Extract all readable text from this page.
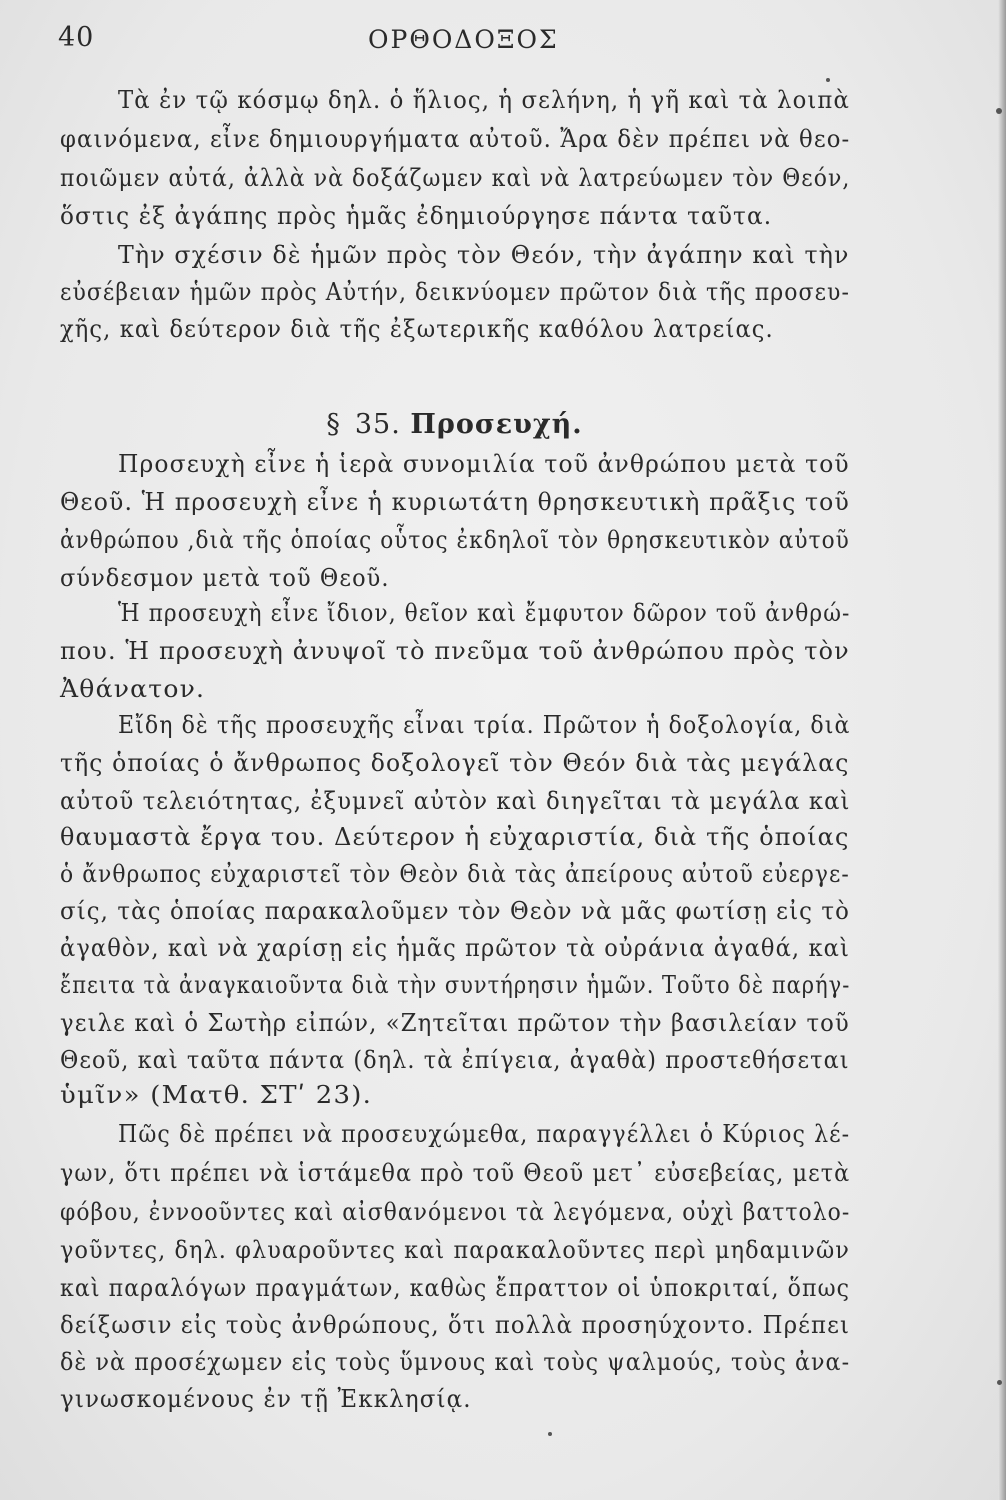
40	ΟΡΘΟΔΟΞΟΣ
Τὰ ἐν τῷ κόσμῳ δηλ. ὁ ἥλιος, ἡ σελήνη, ἡ γῆ καὶ τὰ λοιπὰ
φαινόμενα, εἶνε δημιουργήματα αὐτοῦ. Ἄρα δὲν πρέπει νὰ θεο-
ποιῶμεν αὐτά, ἀλλὰ νὰ δοξάζωμεν καὶ νὰ λατρεύωμεν τὸν Θεόν,
ὅστις ἐξ ἀγάπης πρὸς ἡμᾶς ἐδημιούργησε πάντα ταῦτα.
Τὴν σχέσιν δὲ ἡμῶν πρὸς τὸν Θεόν, τὴν ἀγάπην καὶ τὴν
εὐσέβειαν ἡμῶν πρὸς Αὐτήν, δεικνύομεν πρῶτον διὰ τῆς προσευ-
χῆς, καὶ δεύτερον διὰ τῆς ἐξωτερικῆς καθόλου λατρείας.

§ 35. Προσευχή.

Προσευχὴ εἶνε ἡ ἱερὰ συνομιλία τοῦ ἀνθρώπου μετὰ τοῦ
Θεοῦ. Ἡ προσευχὴ εἶνε ἡ κυριωτάτη θρησκευτικὴ πρᾶξις τοῦ
ἀνθρώπου ,διὰ τῆς ὁποίας οὗτος ἐκδηλοῖ τὸν θρησκευτικὸν αὐτοῦ
σύνδεσμον μετὰ τοῦ Θεοῦ.
Ἡ προσευχὴ εἶνε ἴδιον, θεῖον καὶ ἔμφυτον δῶρον τοῦ ἀνθρώ-
που. Ἡ προσευχὴ ἀνυψοῖ τὸ πνεῦμα τοῦ ἀνθρώπου πρὸς τὸν
Ἀθάνατον.
Εἴδη δὲ τῆς προσευχῆς εἶναι τρία. Πρῶτον ἡ δοξολογία, διὰ
τῆς ὁποίας ὁ ἄνθρωπος δοξολογεῖ τὸν Θεόν διὰ τὰς μεγάλας
αὐτοῦ τελειότητας, ἐξυμνεῖ αὐτὸν καὶ διηγεῖται τὰ μεγάλα καὶ
θαυμαστὰ ἔργα του. Δεύτερον ἡ εὐχαριστία, διὰ τῆς ὁποίας
ὁ ἄνθρωπος εὐχαριστεῖ τὸν Θεὸν διὰ τὰς ἀπείρους αὐτοῦ εὐεργε-
σίς, τὰς ὁποίας παρακαλοῦμεν τὸν Θεὸν νὰ μᾶς φωτίσῃ εἰς τὸ
ἀγαθὸν, καὶ νὰ χαρίσῃ εἰς ἡμᾶς πρῶτον τὰ οὐράνια ἀγαθά, καὶ
ἔπειτα τὰ ἀναγκαιοῦντα διὰ τὴν συντήρησιν ἡμῶν. Τοῦτο δὲ παρήγ-
γειλε καὶ ὁ Σωτὴρ εἰπών, «Ζητεῖται πρῶτον τὴν βασιλείαν τοῦ
Θεοῦ, καὶ ταῦτα πάντα (δηλ. τὰ ἐπίγεια, ἀγαθὰ) προστεθήσεται
ὑμῖν» (Ματθ. ΣΤʹ 23).
Πῶς δὲ πρέπει νὰ προσευχώμεθα, παραγγέλλει ὁ Κύριος λέ-
γων, ὅτι πρέπει νὰ ἱστάμεθα πρὸ τοῦ Θεοῦ μετ᾽ εὐσεβείας, μετὰ
φόβου, ἐννοοῦντες καὶ αἰσθανόμενοι τὰ λεγόμενα, οὐχὶ βαττολο-
γοῦντες, δηλ. φλυαροῦντες καὶ παρακαλοῦντες περὶ μηδαμινῶν
καὶ παραλόγων πραγμάτων, καθὼς ἔπραττον οἱ ὑποκριταί, ὅπως
δείξωσιν εἰς τοὺς ἀνθρώπους, ὅτι πολλὰ προσηύχοντο. Πρέπει
δὲ νὰ προσέχωμεν εἰς τοὺς ὕμνους καὶ τοὺς ψαλμούς, τοὺς ἀνα-
γινωσκομένους ἐν τῇ Ἐκκλησίᾳ.
